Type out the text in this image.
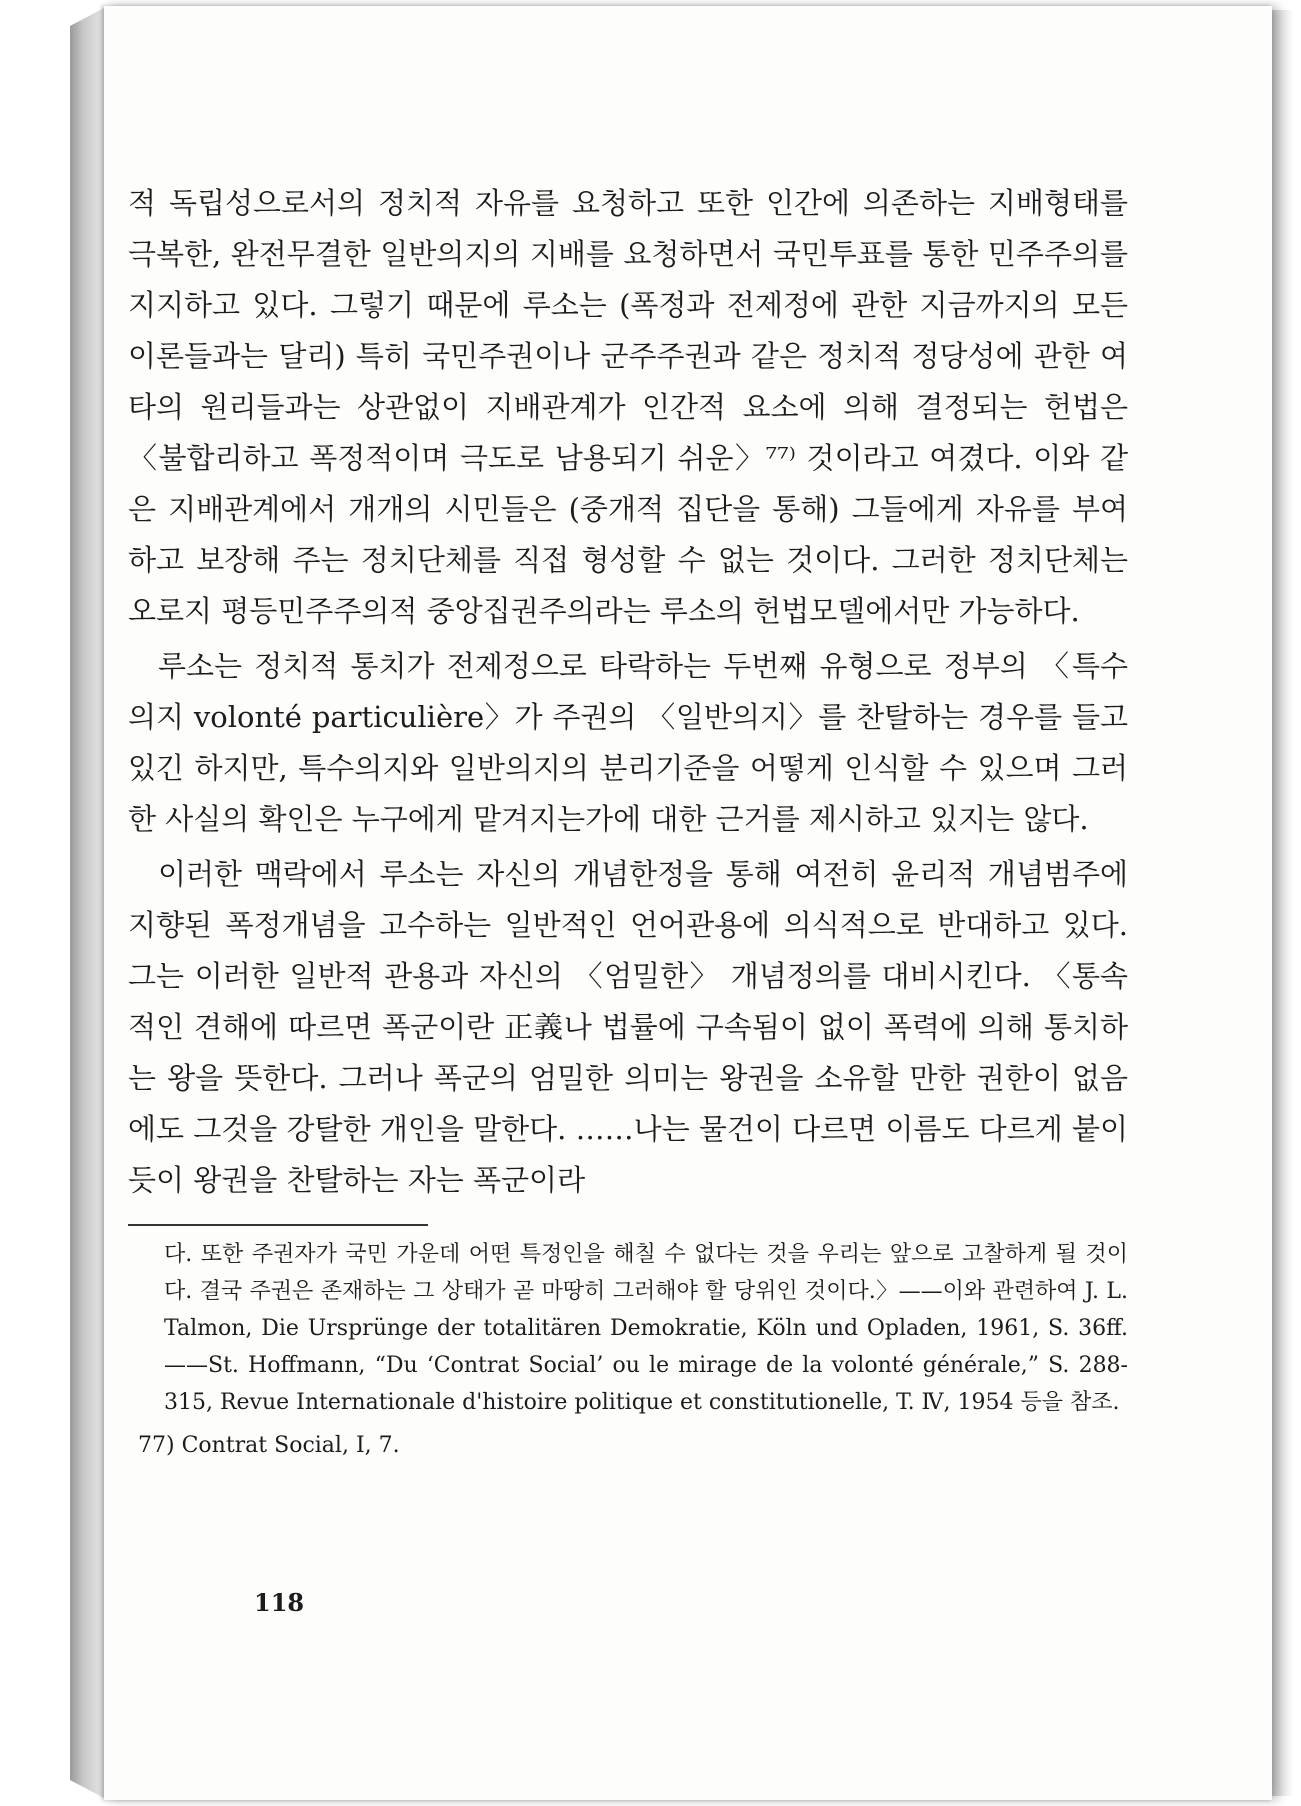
적 독립성으로서의 정치적 자유를 요청하고 또한 인간에 의존하는 지배형태를 극복한, 완전무결한 일반의지의 지배를 요청하면서 국민투표를 통한 민주주의를 지지하고 있다. 그렇기 때문에 루소는 (폭정과 전제정에 관한 지금까지의 모든 이론들과는 달리) 특히 국민주권이나 군주주권과 같은 정치적 정당성에 관한 여타의 원리들과는 상관없이 지배관계가 인간적 요소에 의해 결정되는 헌법은 〈불합리하고 폭정적이며 극도로 남용되기 쉬운〉⁷⁷⁾ 것이라고 여겼다. 이와 같은 지배관계에서 개개의 시민들은 (중개적 집단을 통해) 그들에게 자유를 부여하고 보장해 주는 정치단체를 직접 형성할 수 없는 것이다. 그러한 정치단체는 오로지 평등민주주의적 중앙집권주의라는 루소의 헌법모델에서만 가능하다.

루소는 정치적 통치가 전제정으로 타락하는 두번째 유형으로 정부의 〈특수의지 volonté particulière〉가 주권의 〈일반의지〉를 찬탈하는 경우를 들고 있긴 하지만, 특수의지와 일반의지의 분리기준을 어떻게 인식할 수 있으며 그러한 사실의 확인은 누구에게 맡겨지는가에 대한 근거를 제시하고 있지는 않다.

이러한 맥락에서 루소는 자신의 개념한정을 통해 여전히 윤리적 개념범주에 지향된 폭정개념을 고수하는 일반적인 언어관용에 의식적으로 반대하고 있다. 그는 이러한 일반적 관용과 자신의 〈엄밀한〉 개념정의를 대비시킨다. 〈통속적인 견해에 따르면 폭군이란 正義나 법률에 구속됨이 없이 폭력에 의해 통치하는 왕을 뜻한다. 그러나 폭군의 엄밀한 의미는 왕권을 소유할 만한 권한이 없음에도 그것을 강탈한 개인을 말한다. ……나는 물건이 다르면 이름도 다르게 붙이듯이 왕권을 찬탈하는 자는 폭군이라

다. 또한 주권자가 국민 가운데 어떤 특정인을 해칠 수 없다는 것을 우리는 앞으로 고찰하게 될 것이다. 결국 주권은 존재하는 그 상태가 곧 마땅히 그러해야 할 당위인 것이다.〉——이와 관련하여 J. L. Talmon, Die Ursprünge der totalitären Demokratie, Köln und Opladen, 1961, S. 36ff.——St. Hoffmann, “Du ‘Contrat Social’ ou le mirage de la volonté générale,” S. 288-315, Revue Internationale d'histoire politique et constitutionelle, T. Ⅳ, 1954 등을 참조.

77) Contrat Social, I, 7.

118
